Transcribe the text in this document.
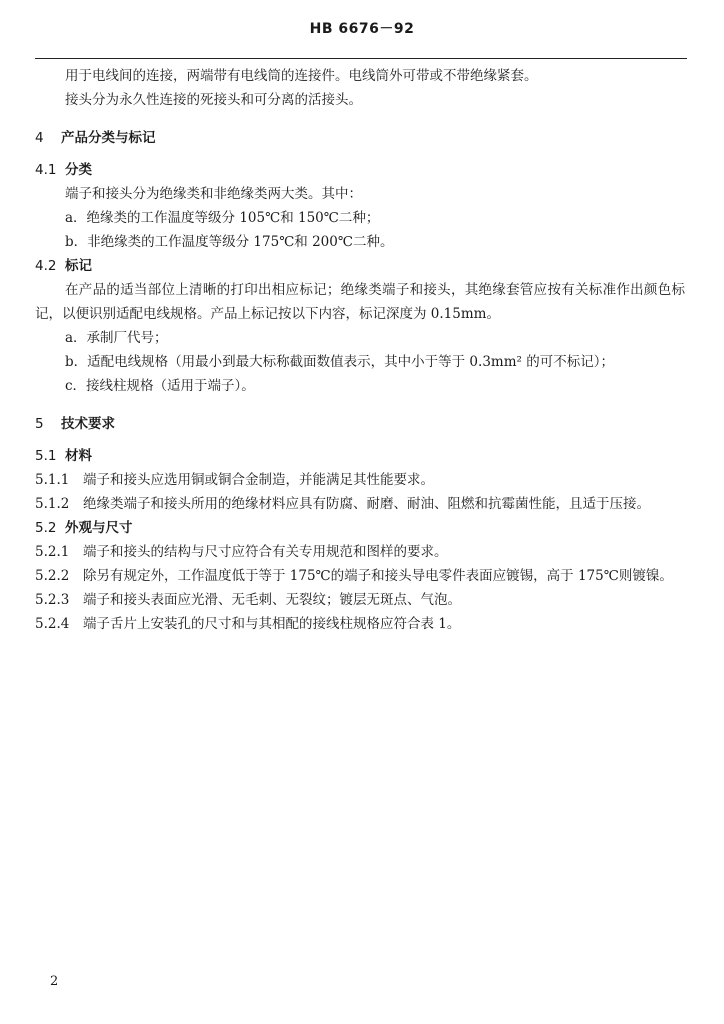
HB 6676－92

用于电线间的连接，两端带有电线筒的连接件。电线筒外可带或不带绝缘紧套。

接头分为永久性连接的死接头和可分离的活接头。

4 产品分类与标记

4.1 分类

端子和接头分为绝缘类和非绝缘类两大类。其中：

a．绝缘类的工作温度等级分 105℃和 150℃二种；

b．非绝缘类的工作温度等级分 175℃和 200℃二种。

4.2 标记

在产品的适当部位上清晰的打印出相应标记；绝缘类端子和接头，其绝缘套管应按有关标准作出颜色标记，以便识别适配电线规格。产品上标记按以下内容，标记深度为 0.15mm。

a．承制厂代号；

b．适配电线规格（用最小到最大标称截面数值表示，其中小于等于 0.3mm² 的可不标记）；

c．接线柱规格（适用于端子）。

5 技术要求

5.1 材料

5.1.1 端子和接头应选用铜或铜合金制造，并能满足其性能要求。

5.1.2 绝缘类端子和接头所用的绝缘材料应具有防腐、耐磨、耐油、阻燃和抗霉菌性能，且适于压接。

5.2 外观与尺寸

5.2.1 端子和接头的结构与尺寸应符合有关专用规范和图样的要求。

5.2.2 除另有规定外，工作温度低于等于 175℃的端子和接头导电零件表面应镀锡，高于 175℃则镀镍。

5.2.3 端子和接头表面应光滑、无毛刺、无裂纹；镀层无斑点、气泡。

5.2.4 端子舌片上安装孔的尺寸和与其相配的接线柱规格应符合表 1。

2
